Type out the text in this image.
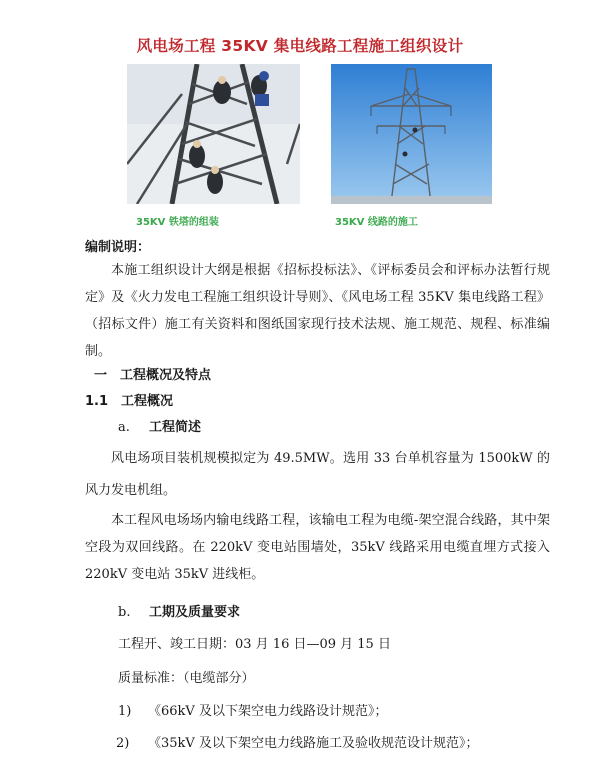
风电场工程 35KV 集电线路工程施工组织设计
35KV 铁塔的组装	35KV 线路的施工
编制说明：
本施工组织设计大纲是根据《招标投标法》、《评标委员会和评标办法暂行规定》及《火力发电工程施工组织设计导则》、《风电场工程 35KV 集电线路工程》（招标文件）施工有关资料和图纸国家现行技术法规、施工规范、规程、标准编制。
一　工程概况及特点
1.1　工程概况
a. 工程简述
风电场项目装机规模拟定为 49.5MW。选用 33 台单机容量为 1500kW 的风力发电机组。
本工程风电场场内输电线路工程，该输电工程为电缆-架空混合线路，其中架空段为双回线路。在 220kV 变电站围墙处，35kV 线路采用电缆直埋方式接入 220kV 变电站 35kV 进线柜。
b. 工期及质量要求
工程开、竣工日期：03 月 16 日—09 月 15 日
质量标准：（电缆部分）
1) 《66kV 及以下架空电力线路设计规范》；
2) 《35kV 及以下架空电力线路施工及验收规范设计规范》；
